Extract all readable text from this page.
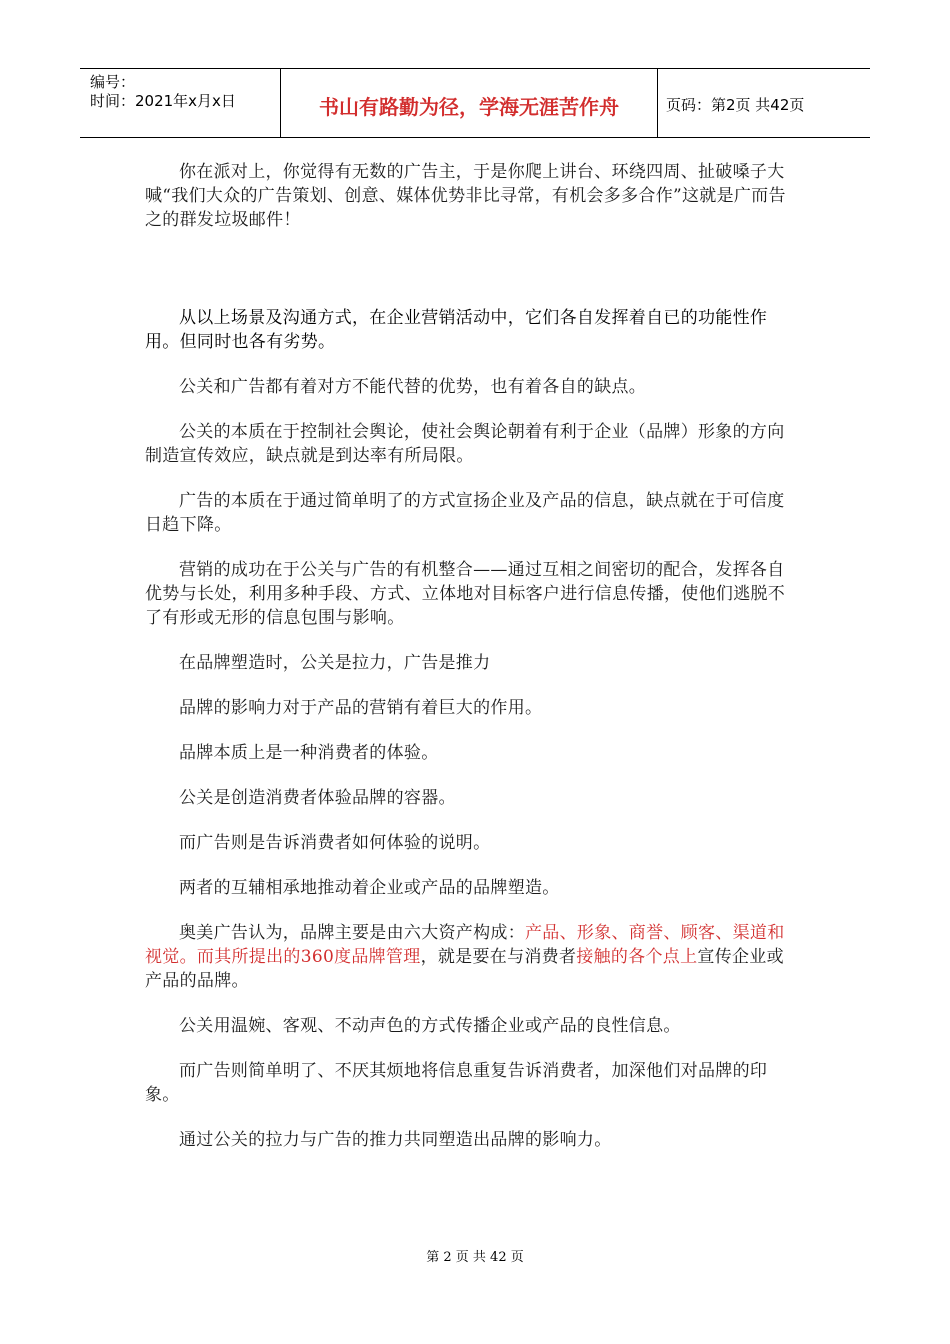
编号：
时间：2021年x月x日	书山有路勤为径，学海无涯苦作舟	页码：第2页 共42页

你在派对上，你觉得有无数的广告主，于是你爬上讲台、环绕四周、扯破嗓子大喊“我们大众的广告策划、创意、媒体优势非比寻常，有机会多多合作”这就是广而告之的群发垃圾邮件！

从以上场景及沟通方式，在企业营销活动中，它们各自发挥着自已的功能性作用。但同时也各有劣势。

公关和广告都有着对方不能代替的优势，也有着各自的缺点。

公关的本质在于控制社会舆论，使社会舆论朝着有利于企业（品牌）形象的方向制造宣传效应，缺点就是到达率有所局限。

广告的本质在于通过简单明了的方式宣扬企业及产品的信息，缺点就在于可信度日趋下降。

营销的成功在于公关与广告的有机整合——通过互相之间密切的配合，发挥各自优势与长处，利用多种手段、方式、立体地对目标客户进行信息传播，使他们逃脱不了有形或无形的信息包围与影响。

在品牌塑造时，公关是拉力，广告是推力

品牌的影响力对于产品的营销有着巨大的作用。

品牌本质上是一种消费者的体验。

公关是创造消费者体验品牌的容器。

而广告则是告诉消费者如何体验的说明。

两者的互辅相承地推动着企业或产品的品牌塑造。

奥美广告认为，品牌主要是由六大资产构成：产品、形象、商誉、顾客、渠道和视觉。而其所提出的360度品牌管理，就是要在与消费者接触的各个点上宣传企业或产品的品牌。

公关用温婉、客观、不动声色的方式传播企业或产品的良性信息。

而广告则简单明了、不厌其烦地将信息重复告诉消费者，加深他们对品牌的印象。

通过公关的拉力与广告的推力共同塑造出品牌的影响力。

第 2 页 共 42 页
